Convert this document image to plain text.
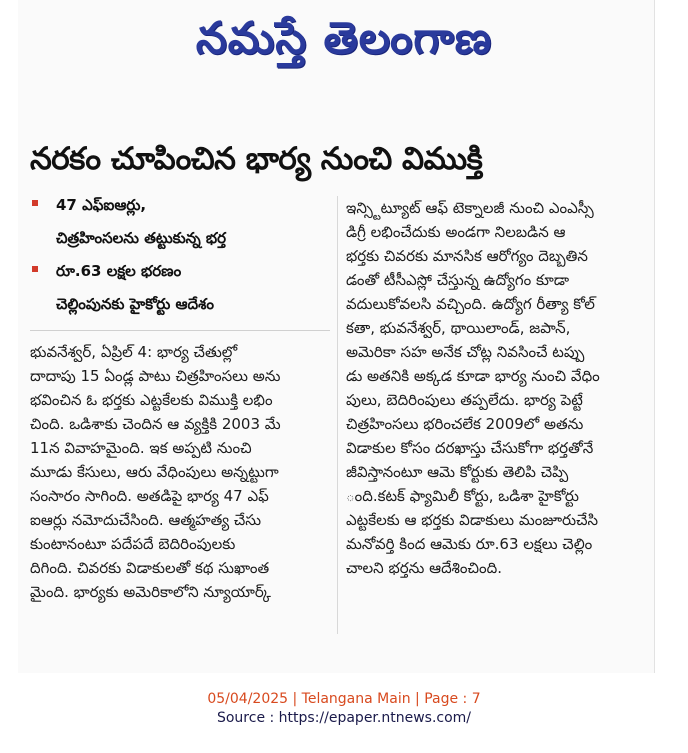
నమస్తే తెలంగాణ
నరకం చూపించిన భార్య నుంచి విముక్తి
47 ఎఫ్ఐఆర్లు,
చిత్రహింసలను తట్టుకున్న భర్త
రూ.63 లక్షల భరణం
చెల్లింపునకు హైకోర్టు ఆదేశం
భువనేశ్వర్, ఏప్రిల్ 4: భార్య చేతుల్లో
దాదాపు 15 ఏండ్ల పాటు చిత్రహింసలు అను
భవించిన ఓ భర్తకు ఎట్టకేలకు విముక్తి లభిం
చింది. ఒడిశాకు చెందిన ఆ వ్యక్తికి 2003 మే
11న వివాహమైంది. ఇక అప్పటి నుంచి
మూడు కేసులు, ఆరు వేధింపులు అన్నట్టుగా
సంసారం సాగింది. అతడిపై భార్య 47 ఎఫ్
ఐఆర్లు నమోదుచేసింది. ఆత్మహత్య చేసు
కుంటానంటూ పదేపదే బెదిరింపులకు
దిగింది. చివరకు విడాకులతో కథ సుఖాంత
మైంది. భార్యకు అమెరికాలోని న్యూయార్క్
ఇన్స్టిట్యూట్ ఆఫ్ టెక్నాలజీ నుంచి ఎంఎస్సీ
డిగ్రీ లభించేదుకు అండగా నిలబడిన ఆ
భర్తకు చివరకు మానసిక ఆరోగ్యం దెబ్బతిన
డంతో టీసీఎస్లో చేస్తున్న ఉద్యోగం కూడా
వదులుకోవలసి వచ్చింది. ఉద్యోగ రీత్యా కోల్
కతా, భువనేశ్వర్, థాయిలాండ్, జపాన్,
అమెరికా సహ అనేక చోట్ల నివసించే టప్పు
డు అతనికి అక్కడ కూడా భార్య నుంచి వేధిం
పులు, బెదిరింపులు తప్పలేదు. భార్య పెట్టే
చిత్రహింసలు భరించలేక 2009లో అతను
విడాకుల కోసం దరఖాస్తు చేసుకోగా భర్తతోనే
జీవిస్తానంటూ ఆమె కోర్టుకు తెలిపి చెప్పి
ంది.కటక్ ఫ్యామిలీ కోర్టు, ఒడిశా హైకోర్టు
ఎట్టకేలకు ఆ భర్తకు విడాకులు మంజూరుచేసి
మనోవర్తి కింద ఆమెకు రూ.63 లక్షలు చెల్లిం
చాలని భర్తను ఆదేశించింది.
05/04/2025 | Telangana Main | Page : 7
Source : https://epaper.ntnews.com/
